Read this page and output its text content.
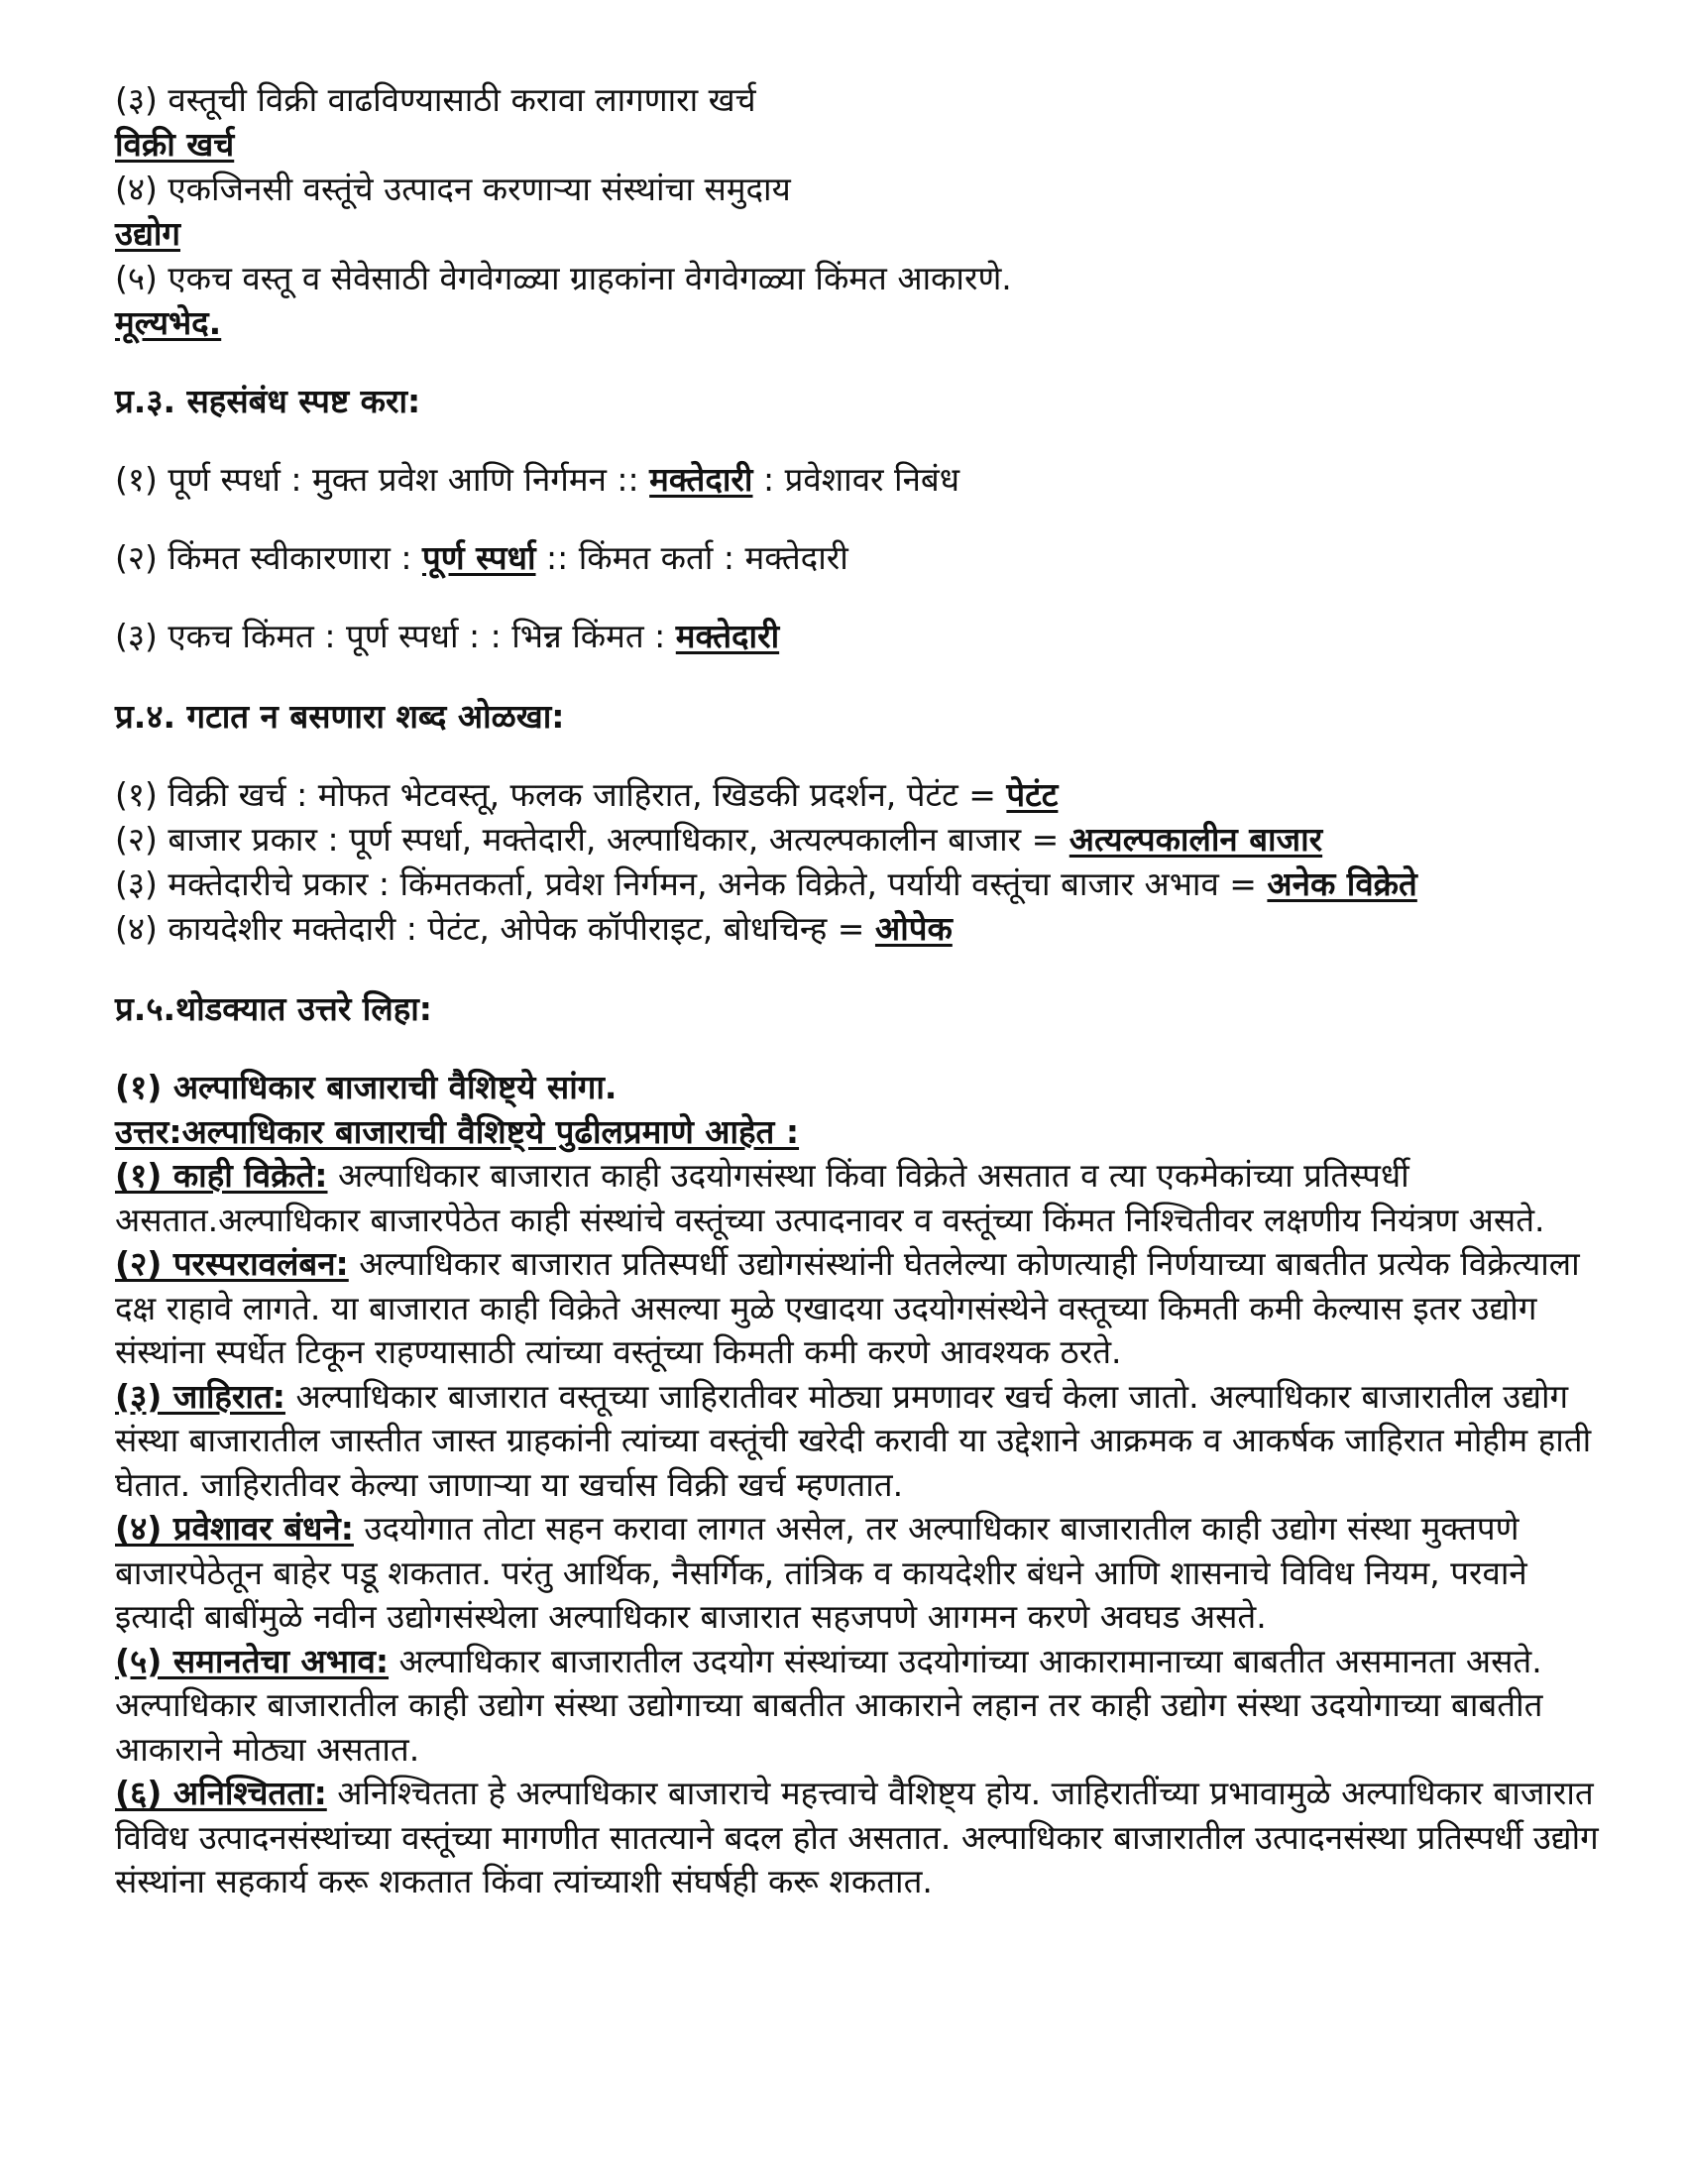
(३) वस्तूची विक्री वाढविण्यासाठी करावा लागणारा खर्च

विक्री खर्च

(४) एकजिनसी वस्तूंचे उत्पादन करणाऱ्या संस्थांचा समुदाय

उद्योग

(५) एकच वस्तू व सेवेसाठी वेगवेगळ्या ग्राहकांना वेगवेगळ्या किंमत आकारणे.

मूल्यभेद.

प्र.३. सहसंबंध स्पष्ट करा:

(१) पूर्ण स्पर्धा : मुक्त प्रवेश आणि निर्गमन :: मक्तेदारी : प्रवेशावर निबंध

(२) किंमत स्वीकारणारा : पूर्ण स्पर्धा :: किंमत कर्ता : मक्तेदारी

(३) एकच किंमत : पूर्ण स्पर्धा : : भिन्न किंमत : मक्तेदारी

प्र.४. गटात न बसणारा शब्द ओळखा:

(१) विक्री खर्च : मोफत भेटवस्तू, फलक जाहिरात, खिडकी प्रदर्शन, पेटंट = पेटंट

(२) बाजार प्रकार : पूर्ण स्पर्धा, मक्तेदारी, अल्पाधिकार, अत्यल्पकालीन बाजार = अत्यल्पकालीन बाजार

(३) मक्तेदारीचे प्रकार : किंमतकर्ता, प्रवेश निर्गमन, अनेक विक्रेते, पर्यायी वस्तूंचा बाजार अभाव = अनेक विक्रेते

(४) कायदेशीर मक्तेदारी : पेटंट, ओपेक कॉपीराइट, बोधचिन्ह = ओपेक

प्र.५.थोडक्यात उत्तरे लिहा:

(१) अल्पाधिकार बाजाराची वैशिष्ट्ये सांगा.

उत्तर:अल्पाधिकार बाजाराची वैशिष्ट्ये पुढीलप्रमाणे आहेत :

(१) काही विक्रेते: अल्पाधिकार बाजारात काही उदयोगसंस्था किंवा विक्रेते असतात व त्या एकमेकांच्या प्रतिस्पर्धी असतात.अल्पाधिकार बाजारपेठेत काही संस्थांचे वस्तूंच्या उत्पादनावर व वस्तूंच्या किंमत निश्चितीवर लक्षणीय नियंत्रण असते.

(२) परस्परावलंबन: अल्पाधिकार बाजारात प्रतिस्पर्धी उद्योगसंस्थांनी घेतलेल्या कोणत्याही निर्णयाच्या बाबतीत प्रत्येक विक्रेत्याला दक्ष राहावे लागते. या बाजारात काही विक्रेते असल्या मुळे एखादया उदयोगसंस्थेने वस्तूच्या किमती कमी केल्यास इतर उद्योग संस्थांना स्पर्धेत टिकून राहण्यासाठी त्यांच्या वस्तूंच्या किमती कमी करणे आवश्यक ठरते.

(३) जाहिरात: अल्पाधिकार बाजारात वस्तूच्या जाहिरातीवर मोठ्या प्रमणावर खर्च केला जातो. अल्पाधिकार बाजारातील उद्योग संस्था बाजारातील जास्तीत जास्त ग्राहकांनी त्यांच्या वस्तूंची खरेदी करावी या उद्देशाने आक्रमक व आकर्षक जाहिरात मोहीम हाती घेतात. जाहिरातीवर केल्या जाणाऱ्या या खर्चास विक्री खर्च म्हणतात.

(४) प्रवेशावर बंधने: उदयोगात तोटा सहन करावा लागत असेल, तर अल्पाधिकार बाजारातील काही उद्योग संस्था मुक्तपणे बाजारपेठेतून बाहेर पडू शकतात. परंतु आर्थिक, नैसर्गिक, तांत्रिक व कायदेशीर बंधने आणि शासनाचे विविध नियम, परवाने इत्यादी बाबींमुळे नवीन उद्योगसंस्थेला अल्पाधिकार बाजारात सहजपणे आगमन करणे अवघड असते.

(५) समानतेचा अभाव: अल्पाधिकार बाजारातील उदयोग संस्थांच्या उदयोगांच्या आकारामानाच्या बाबतीत असमानता असते. अल्पाधिकार बाजारातील काही उद्योग संस्था उद्योगाच्या बाबतीत आकाराने लहान तर काही उद्योग संस्था उदयोगाच्या बाबतीत आकाराने मोठ्या असतात.

(६) अनिश्चितता: अनिश्चितता हे अल्पाधिकार बाजाराचे महत्त्वाचे वैशिष्ट्य होय. जाहिरातींच्या प्रभावामुळे अल्पाधिकार बाजारात विविध उत्पादनसंस्थांच्या वस्तूंच्या मागणीत सातत्याने बदल होत असतात. अल्पाधिकार बाजारातील उत्पादनसंस्था प्रतिस्पर्धी उद्योग संस्थांना सहकार्य करू शकतात किंवा त्यांच्याशी संघर्षही करू शकतात.
